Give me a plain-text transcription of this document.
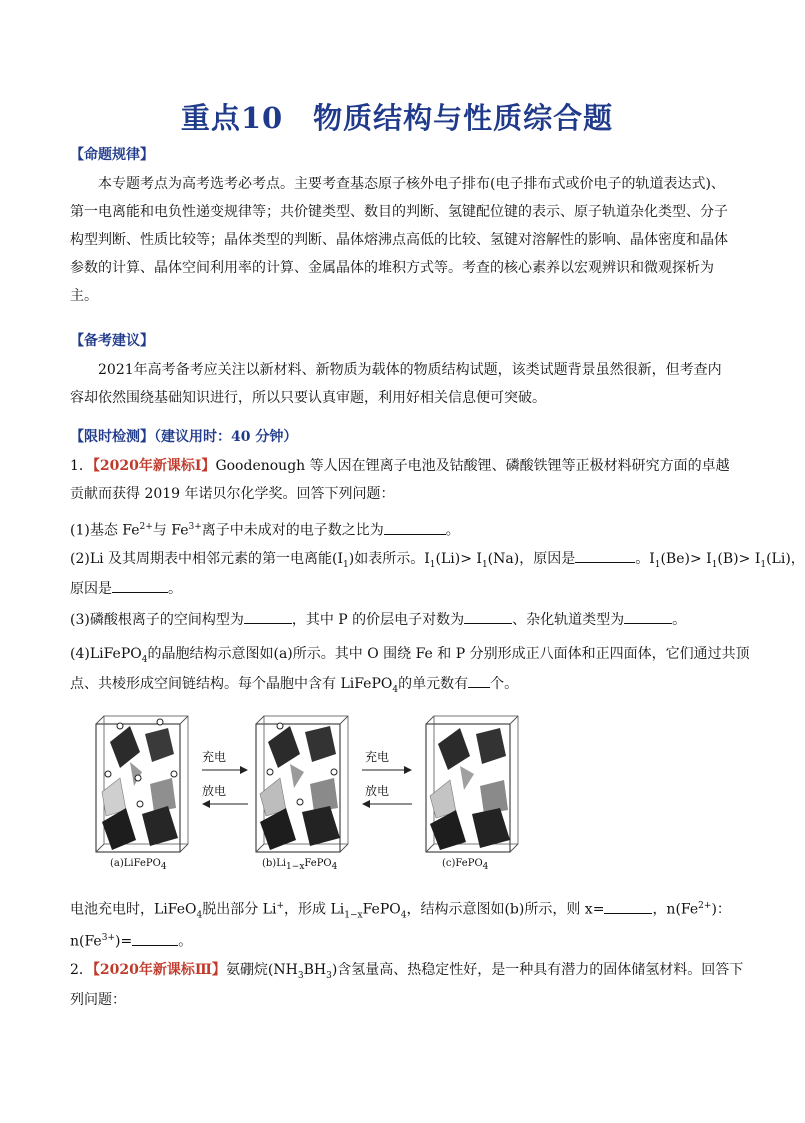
重点10　物质结构与性质综合题
【命题规律】
本专题考点为高考选考必考点。主要考查基态原子核外电子排布(电子排布式或价电子的轨道表达式)、第一电离能和电负性递变规律等；共价键类型、数目的判断、氢键配位键的表示、原子轨道杂化类型、分子构型判断、性质比较等；晶体类型的判断、晶体熔沸点高低的比较、氢键对溶解性的影响、晶体密度和晶体参数的计算、晶体空间利用率的计算、金属晶体的堆积方式等。考查的核心素养以宏观辨识和微观探析为主。
【备考建议】
2021年高考备考应关注以新材料、新物质为载体的物质结构试题，该类试题背景虽然很新，但考查内容却依然围绕基础知识进行，所以只要认真审题，利用好相关信息便可突破。
【限时检测】（建议用时：40 分钟）
1．【2020年新课标Ⅰ】Goodenough 等人因在锂离子电池及钴酸锂、磷酸铁锂等正极材料研究方面的卓越
贡献而获得 2019 年诺贝尔化学奖。回答下列问题：
(1)基态 $Fe^{2+}$与 $Fe^{3+}$离子中未成对的电子数之比为	。
(2)Li 及其周期表中相邻元素的第一电离能$(I_1)$如表所示。$I_1(Li)> I_1(Na)$，原因是	。$I_1(Be)> I_1(B)> I_1(Li)$，
原因是	。
(3)磷酸根离子的空间构型为	，其中 P 的价层电子对数为	、杂化轨道类型为	。
(4)LiFePO$_4$的晶胞结构示意图如(a)所示。其中 O 围绕 Fe 和 P 分别形成正八面体和正四面体，它们通过共顶
点、共棱形成空间链结构。每个晶胞中含有 LiFePO$_4$的单元数有 个。
充电
放电
充电
放电
(a)LiFePO$_4$	$(b)Li_{1-x}FePO_4$	(c)FePO$_4$
电池充电时，LiFeO$_4$脱出部分 Li+，形成 $Li_{1-x}FePO_4$，结构示意图如(b)所示，则 x=	，$n(Fe^{2+})$：
$n(Fe^{3+})=$	。
2．【2020年新课标Ⅲ】氨硼烷$(NH_3BH_3)$含氢量高、热稳定性好，是一种具有潜力的固体储氢材料。回答下
列问题：
